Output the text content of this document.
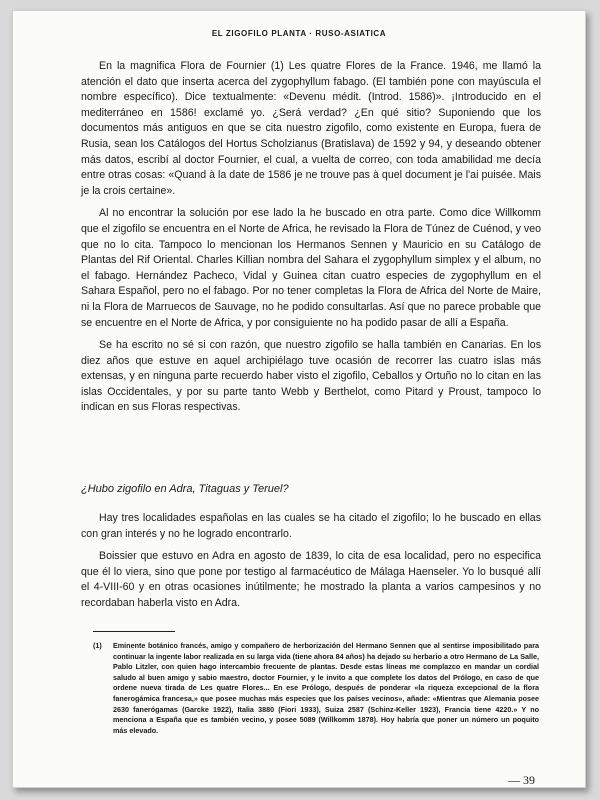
EL ZIGOFILO PLANTA · RUSO-ASIATICA

En la magnifica Flora de Fournier (1) Les quatre Flores de la France. 1946, me llamó la atención el dato que inserta acerca del zygophyllum fabago. (El también pone con mayúscula el nombre específico). Dice textualmente: «Devenu médit. (Introd. 1586)». ¡Introducido en el mediterráneo en 1586! exclamé yo. ¿Será verdad? ¿En qué sitio? Suponiendo que los documentos más antiguos en que se cita nuestro zigofilo, como existente en Europa, fuera de Rusia, sean los Catálogos del Hortus Scholzianus (Bratislava) de 1592 y 94, y deseando obtener más datos, escribí al doctor Fournier, el cual, a vuelta de correo, con toda amabilidad me decía entre otras cosas: «Quand à la date de 1586 je ne trouve pas à quel document je l'ai puisée. Mais je la crois certaine».

Al no encontrar la solución por ese lado la he buscado en otra parte. Como dice Willkomm que el zigofilo se encuentra en el Norte de Africa, he revisado la Flora de Túnez de Cuénod, y veo que no lo cita. Tampoco lo mencionan los Hermanos Sennen y Mauricio en su Catálogo de Plantas del Rif Oriental. Charles Killian nombra del Sahara el zygophyllum simplex y el album, no el fabago. Hernández Pacheco, Vidal y Guinea citan cuatro especies de zygophyllum en el Sahara Español, pero no el fabago. Por no tener completas la Flora de Africa del Norte de Maire, ni la Flora de Marruecos de Sauvage, no he podido consultarlas. Así que no parece probable que se encuentre en el Norte de Africa, y por consiguiente no ha podido pasar de allí a España.

Se ha escrito no sé si con razón, que nuestro zigofilo se halla también en Canarias. En los diez años que estuve en aquel archipiélago tuve ocasión de recorrer las cuatro islas más extensas, y en ninguna parte recuerdo haber visto el zigofilo, Ceballos y Ortuño no lo citan en las islas Occidentales, y por su parte tanto Webb y Berthelot, como Pitard y Proust, tampoco lo indican en sus Floras respectivas.

¿Hubo zigofilo en Adra, Titaguas y Teruel?

Hay tres localidades españolas en las cuales se ha citado el zigofilo; lo he buscado en ellas con gran interés y no he logrado encontrarlo.

Boissier que estuvo en Adra en agosto de 1839, lo cita de esa localidad, pero no especifica que él lo viera, sino que pone por testigo al farmacéutico de Málaga Haenseler. Yo lo busqué allí el 4-VIII-60 y en otras ocasiones inútilmente; he mostrado la planta a varios campesinos y no recordaban haberla visto en Adra.

(1) Eminente botánico francés, amigo y compañero de herborización del Hermano Sennen que al sentirse imposibilitado para continuar la ingente labor realizada en su larga vida (tiene ahora 84 años) ha dejado su herbario a otro Hermano de La Salle, Pablo Litzler, con quien hago intercambio frecuente de plantas. Desde estas líneas me complazco en mandar un cordial saludo al buen amigo y sabio maestro, doctor Fournier, y le invito a que complete los datos del Prólogo, en caso de que ordene nueva tirada de Les quatre Flores... En ese Prólogo, después de ponderar «la riqueza excepcional de la flora fanerogámica francesa,» que posee muchas más especies que los países vecinos», añade: «Mientras que Alemania posee 2630 fanerógamas (Garcke 1922), Italia 3880 (Fiori 1933), Suiza 2587 (Schinz-Keller 1923), Francia tiene 4220.» Y no menciona a España que es también vecino, y posee 5089 (Willkomm 1878). Hoy habría que poner un número un poquito más elevado.
— 39
